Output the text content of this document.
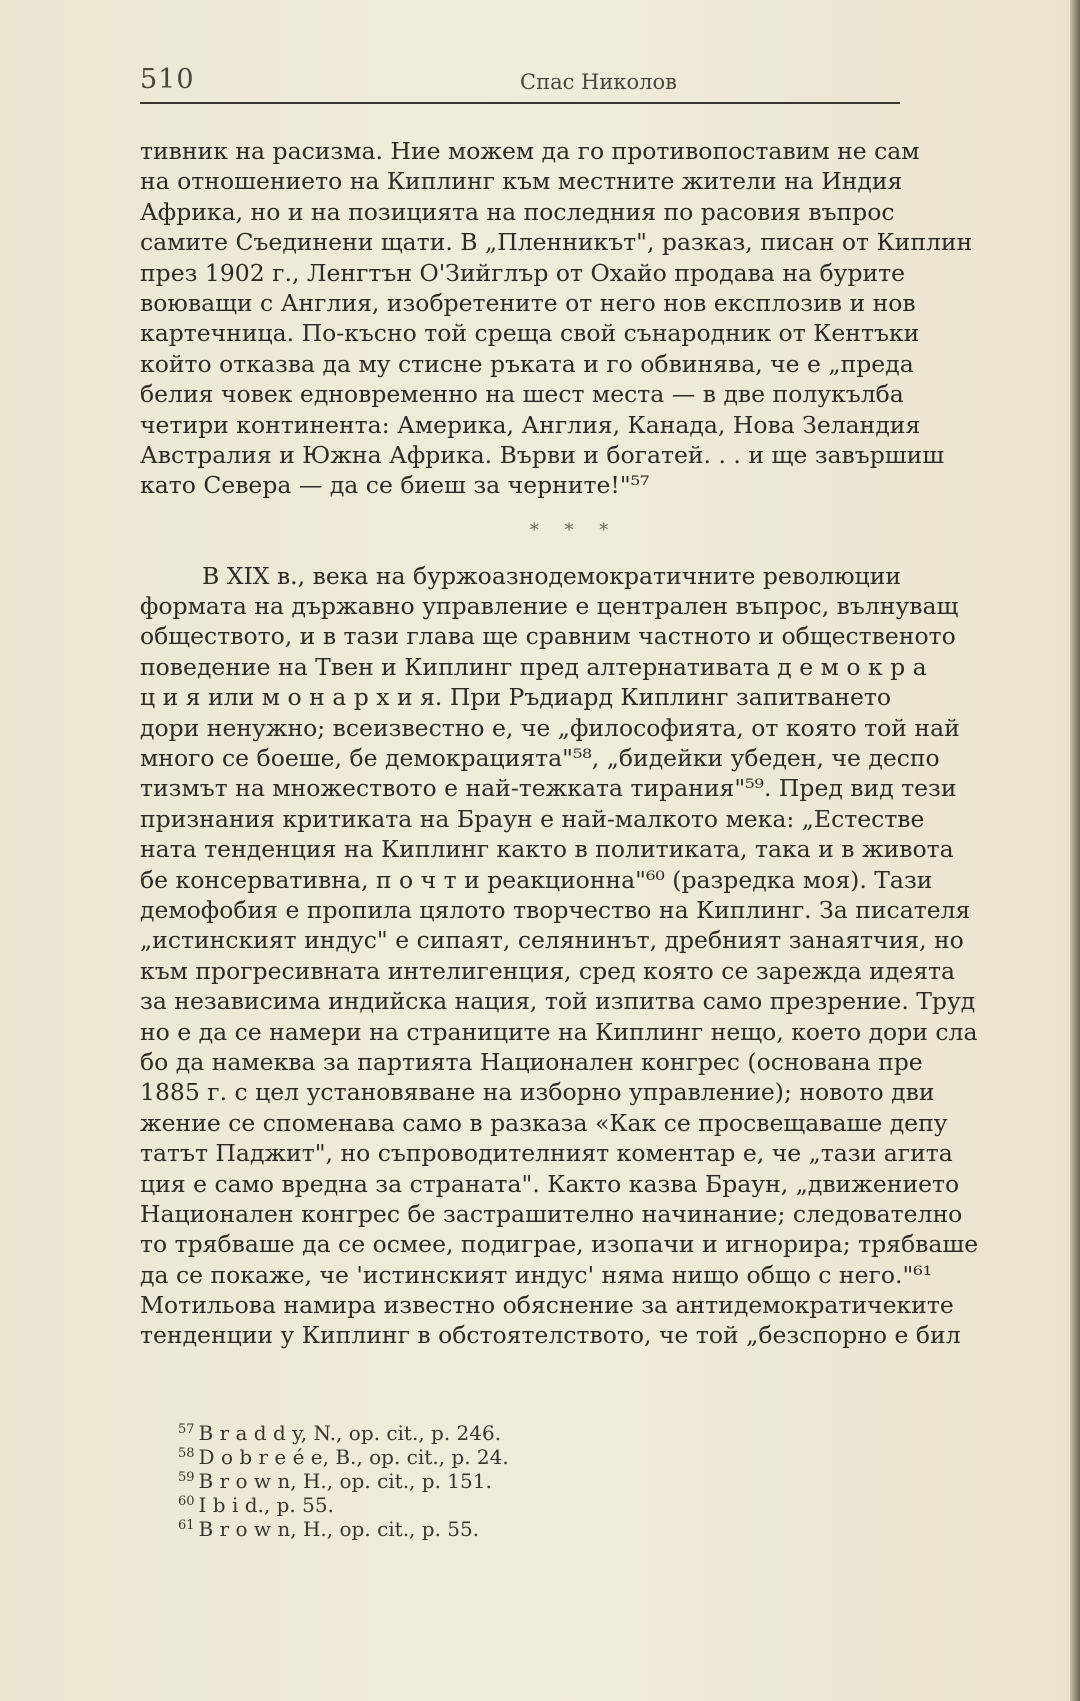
510	Спас Николов
тивник на расизма. Ние можем да го противопоставим не сам
на отношението на Киплинг към местните жители на Индия
Африка, но и на позицията на последния по расовия въпрос
самите Съединени щати. В „Пленникът", разказ, писан от Киплин
през 1902 г., Ленгтън О'Зийглър от Охайо продава на бурите
воюващи с Англия, изобретените от него нов експлозив и нов
картечница. По-късно той среща свой сънародник от Кентъки
който отказва да му стисне ръката и го обвинява, че е „преда
белия човек едновременно на шест места — в две полукълба
четири континента: Америка, Англия, Канада, Нова Зеландия
Австралия и Южна Африка. Върви и богатей. . . и ще завършиш
като Севера — да се биеш за черните!"⁵⁷
* * *
В XIX в., века на буржоазнодемократичните революции
формата на държавно управление е централен въпрос, вълнуващ
обществото, и в тази глава ще сравним частното и общественото
поведение на Твен и Киплинг пред алтернативата д е м о к р а
ц и я или м о н а р х и я. При Ръдиард Киплинг запитването
дори ненужно; всеизвестно е, че „философията, от която той най
много се боеше, бе демокрацията"⁵⁸, „бидейки убеден, че деспо
тизмът на множеството е най-тежката тирания"⁵⁹. Пред вид тези
признания критиката на Браун е най-малкото мека: „Естестве
ната тенденция на Киплинг както в политиката, така и в живота
бе консервативна, п о ч т и реакционна"⁶⁰ (разредка моя). Тази
демофобия е пропила цялото творчество на Киплинг. За писателя
„истинският индус" е сипаят, селянинът, дребният занаятчия, но
към прогресивната интелигенция, сред която се зарежда идеята
за независима индийска нация, той изпитва само презрение. Труд
но е да се намери на страниците на Киплинг нещо, което дори сла
бо да намеква за партията Национален конгрес (основана пре
1885 г. с цел установяване на изборно управление); новото дви
жение се споменава само в разказа «Как се просвещаваше депу
татът Паджит", но съпроводителният коментар е, че „тази агита
ция е само вредна за страната". Както казва Браун, „движението
Национален конгрес бе застрашително начинание; следователно
то трябваше да се осмее, подиграе, изопачи и игнорира; трябваше
да се покаже, че 'истинският индус' няма нищо общо с него."⁶¹
Мотильова намира известно обяснение за антидемократичеките
тенденции у Киплинг в обстоятелството, че той „безспорно е бил
$^{57}$ B r a d d y, N., op. cit., p. 246.
$^{58}$ D o b r e é e, B., op. cit., p. 24.
$^{59}$ B r o w n, H., op. cit., p. 151.
$^{60}$ I b i d., p. 55.
$^{61}$ B r o w n, H., op. cit., p. 55.
